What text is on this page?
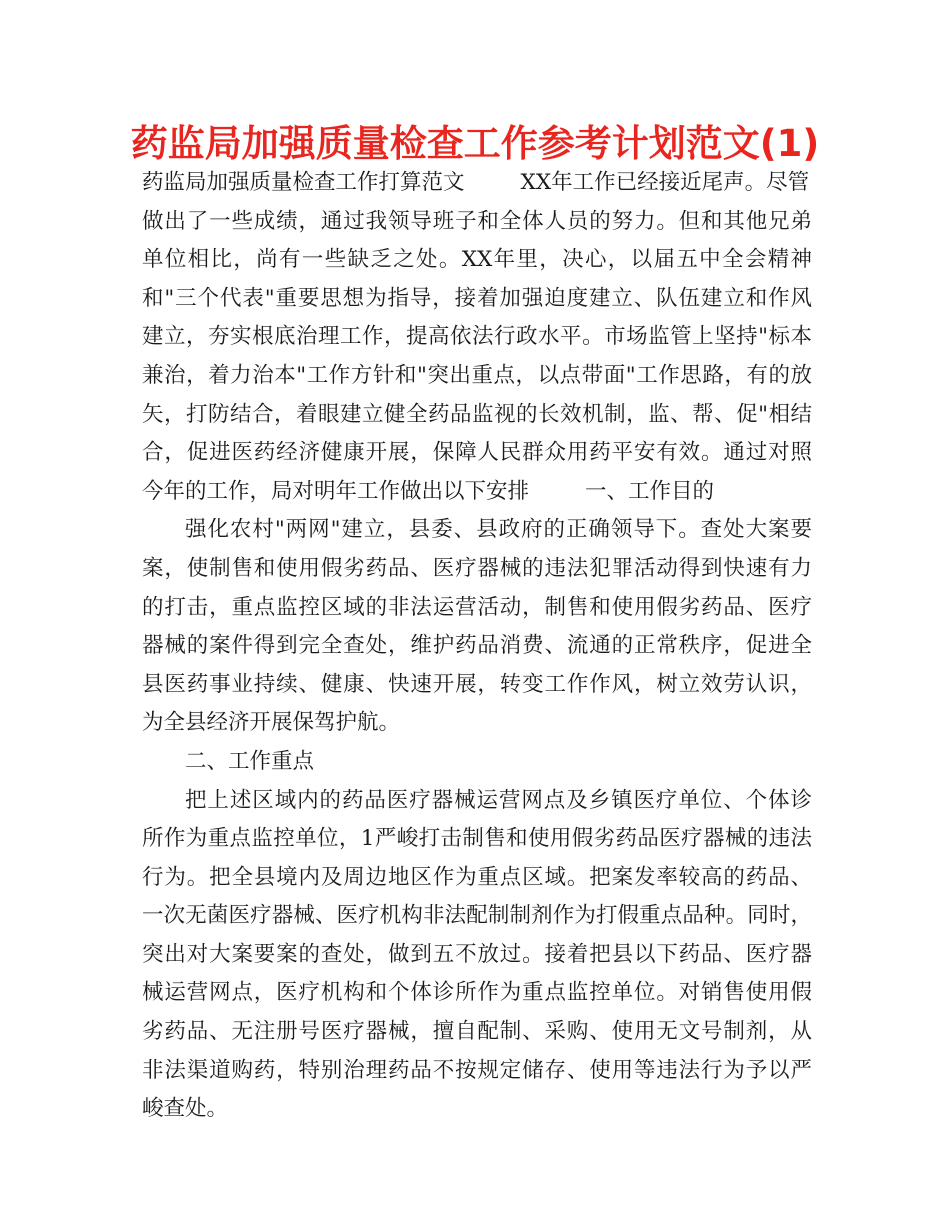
药监局加强质量检查工作参考计划范文(1)
药监局加强质量检查工作打算范文	XX年工作已经接近尾声。尽管
做出了一些成绩，通过我领导班子和全体人员的努力。但和其他兄弟
单位相比，尚有一些缺乏之处。XX年里，决心，以届五中全会精神
和"三个代表"重要思想为指导，接着加强迫度建立、队伍建立和作风
建立，夯实根底治理工作，提高依法行政水平。市场监管上坚持"标本
兼治，着力治本"工作方针和"突出重点，以点带面"工作思路，有的放
矢，打防结合，着眼建立健全药品监视的长效机制，监、帮、促"相结
合，促进医药经济健康开展，保障人民群众用药平安有效。通过对照
今年的工作，局对明年工作做出以下安排	一、工作目的
强化农村"两网"建立，县委、县政府的正确领导下。查处大案要
案，使制售和使用假劣药品、医疗器械的违法犯罪活动得到快速有力
的打击，重点监控区域的非法运营活动，制售和使用假劣药品、医疗
器械的案件得到完全查处，维护药品消费、流通的正常秩序，促进全
县医药事业持续、健康、快速开展，转变工作作风，树立效劳认识，
为全县经济开展保驾护航。
二、工作重点
把上述区域内的药品医疗器械运营网点及乡镇医疗单位、个体诊
所作为重点监控单位，1严峻打击制售和使用假劣药品医疗器械的违法
行为。把全县境内及周边地区作为重点区域。把案发率较高的药品、
一次无菌医疗器械、医疗机构非法配制制剂作为打假重点品种。同时，
突出对大案要案的查处，做到五不放过。接着把县以下药品、医疗器
械运营网点，医疗机构和个体诊所作为重点监控单位。对销售使用假
劣药品、无注册号医疗器械，擅自配制、采购、使用无文号制剂，从
非法渠道购药，特别治理药品不按规定储存、使用等违法行为予以严
峻查处。
